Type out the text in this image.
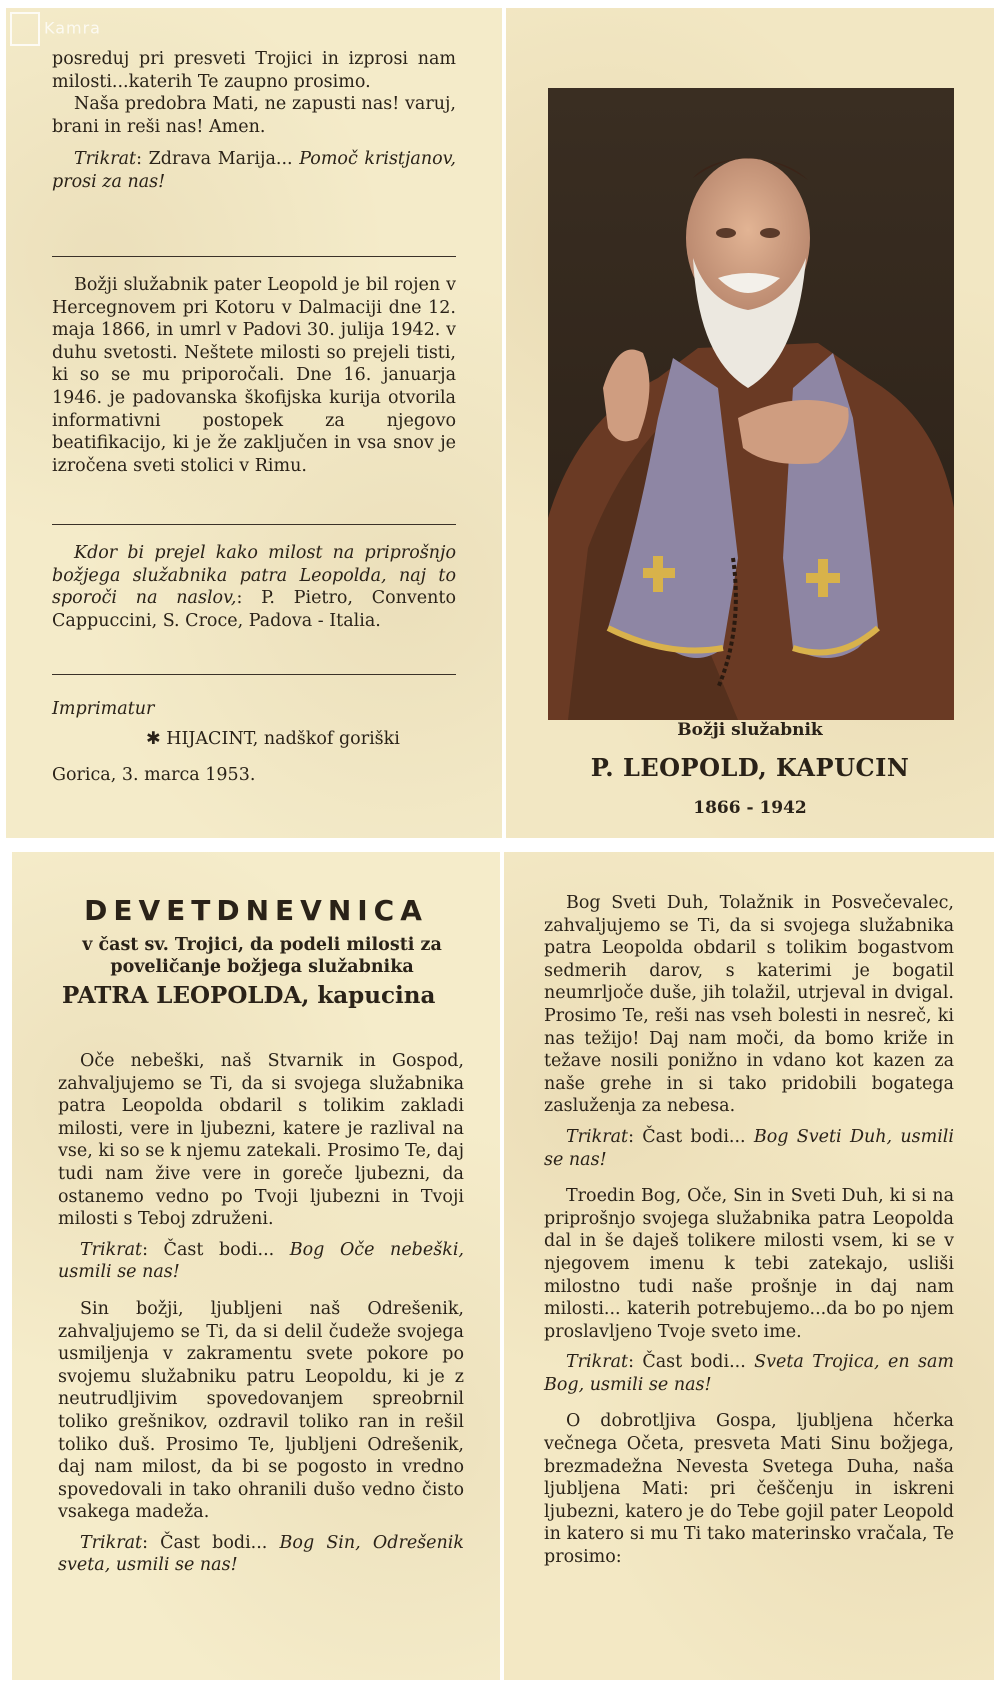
posreduj pri presveti Trojici in izprosi nam milosti...katerih Te zaupno prosimo.

Naša predobra Mati, ne zapusti nas! varuj, brani in reši nas! Amen.

Trikrat: Zdrava Marija... Pomoč kristjanov, prosi za nas!

Božji služabnik pater Leopold je bil rojen v Hercegnovem pri Kotoru v Dalmaciji dne 12. maja 1866, in umrl v Padovi 30. julija 1942. v duhu svetosti. Neštete milosti so prejeli tisti, ki so se mu priporočali. Dne 16. januarja 1946. je padovanska škofijska kurija otvorila informativni postopek za njegovo beatifikacijo, ki je že zaključen in vsa snov je izročena sveti stolici v Rimu.

Kdor bi prejel kako milost na priprošnjo božjega služabnika patra Leopolda, naj to sporoči na naslov,: P. Pietro, Convento Cappuccini, S. Croce, Padova - Italia.

Imprimatur
✱ HIJACINT, nadškof goriški
Gorica, 3. marca 1953.
Kamra
Božji služabnik
P. LEOPOLD, KAPUCIN
1866 - 1942
DEVETDNEVNICA
v čast sv. Trojici, da podeli milosti za poveličanje božjega služabnika
PATRA LEOPOLDA, kapucina

Oče nebeški, naš Stvarnik in Gospod, zahvaljujemo se Ti, da si svojega služabnika patra Leopolda obdaril s tolikim zakladi milosti, vere in ljubezni, katere je razlival na vse, ki so se k njemu zatekali. Prosimo Te, daj tudi nam žive vere in goreče ljubezni, da ostanemo vedno po Tvoji ljubezni in Tvoji milosti s Teboj združeni.

Trikrat: Čast bodi... Bog Oče nebeški, usmili se nas!

Sin božji, ljubljeni naš Odrešenik, zahvaljujemo se Ti, da si delil čudeže svojega usmiljenja v zakramentu svete pokore po svojemu služabniku patru Leopoldu, ki je z neutrudljivim spovedovanjem spreobrnil toliko grešnikov, ozdravil toliko ran in rešil toliko duš. Prosimo Te, ljubljeni Odrešenik, daj nam milost, da bi se pogosto in vredno spovedovali in tako ohranili dušo vedno čisto vsakega madeža.

Trikrat: Čast bodi... Bog Sin, Odrešenik sveta, usmili se nas!

Bog Sveti Duh, Tolažnik in Posvečevalec, zahvaljujemo se Ti, da si svojega služabnika patra Leopolda obdaril s tolikim bogastvom sedmerih darov, s katerimi je bogatil neumrljoče duše, jih tolažil, utrjeval in dvigal. Prosimo Te, reši nas vseh bolesti in nesreč, ki nas težijo! Daj nam moči, da bomo križe in težave nosili ponižno in vdano kot kazen za naše grehe in si tako pridobili bogatega zasluženja za nebesa.

Trikrat: Čast bodi... Bog Sveti Duh, usmili se nas!

Troedin Bog, Oče, Sin in Sveti Duh, ki si na priprošnjo svojega služabnika patra Leopolda dal in še daješ tolikere milosti vsem, ki se v njegovem imenu k tebi zatekajo, usliši milostno tudi naše prošnje in daj nam milosti... katerih potrebujemo...da bo po njem proslavljeno Tvoje sveto ime.

Trikrat: Čast bodi... Sveta Trojica, en sam Bog, usmili se nas!

O dobrotljiva Gospa, ljubljena hčerka večnega Očeta, presveta Mati Sinu božjega, brezmadežna Nevesta Svetega Duha, naša ljubljena Mati: pri češčenju in iskreni ljubezni, katero je do Tebe gojil pater Leopold in katero si mu Ti tako materinsko vračala, Te prosimo:
